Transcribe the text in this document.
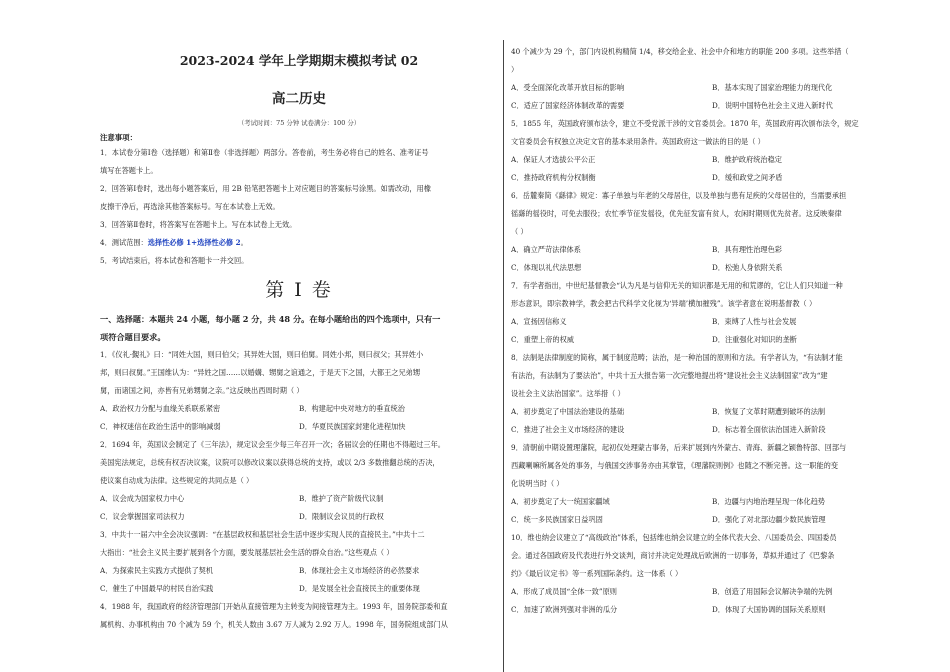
2023-2024 学年上学期期末模拟考试 02
高二历史
（考试时间：75 分钟 试卷满分：100 分）
注意事项：
1．本试卷分第Ⅰ卷（选择题）和第Ⅱ卷（非选择题）两部分。答卷前，考生务必将自己的姓名、准考证号
填写在答题卡上。
2．回答第Ⅰ卷时，选出每小题答案后，用 2B 铅笔把答题卡上对应题目的答案标号涂黑。如需改动，用橡
皮擦干净后，再选涂其他答案标号。写在本试卷上无效。
3．回答第Ⅱ卷时，将答案写在答题卡上。写在本试卷上无效。
4．测试范围：选择性必修 1+选择性必修 2。
5．考试结束后，将本试卷和答题卡一并交回。
第 I 卷
一、选择题：本题共 24 小题，每小题 2 分，共 48 分。在每小题给出的四个选项中，只有一
项符合题目要求。
1．《仪礼·覲礼》曰：“同姓大国，则曰伯父；其异姓大国，则曰伯舅。同姓小邦，则曰叔父；其异姓小
邦，则曰叔舅。”王国维认为：“异姓之国……以婚媾、甥舅之谊通之，于是天下之国，大都王之兄弟甥
舅，而诸国之间，亦皆有兄弟甥舅之亲。”这反映出西周时期（ ）
A．政治权力分配与血缘关系联系紧密	B．构建起中央对地方的垂直统治
C．神权迷信在政治生活中的影响减弱	D．华夏民族国家封建化进程加快
2．1694 年，英国议会制定了《三年法》，规定议会至少每三年召开一次；各届议会的任期也不得超过三年。
美国宪法规定，总统有权否决议案，议院可以修改议案以获得总统的支持，或以 2/3 多数推翻总统的否决，
使议案自动成为法律。这些规定的共同点是（ ）
A．议会成为国家权力中心	B．维护了资产阶级代议制
C．议会掌握国家司法权力	D．限制议会议员的行政权
3．中共十一届六中全会决议强调：“在基层政权和基层社会生活中逐步实现人民的直接民主。”中共十二
大指出：“社会主义民主要扩展到各个方面，要发展基层社会生活的群众自治。”这些观点（ ）
A．为探索民主实践方式提供了契机	B．体现社会主义市场经济的必然要求
C．催生了中国最早的村民自治实践	D．是发展全社会直接民主的重要体现
4．1988 年，我国政府的经济管理部门开始从直接管理为主转变为间接管理为主。1993 年，国务院部委和直
属机构、办事机构由 70 个减为 59 个，机关人数由 3.67 万人减为 2.92 万人。1998 年，国务院组成部门从
40 个减少为 29 个，部门内设机构精简 1/4，移交给企业、社会中介和地方的职能 200 多项。这些举措（
）
A．受全面深化改革开放目标的影响	B．基本实现了国家治理能力的现代化
C．适应了国家经济体制改革的需要	D．说明中国特色社会主义进入新时代
5．1855 年，英国政府颁布法令，建立不受党派干涉的文官委员会。1870 年，英国政府再次颁布法令，规定
文官委员会有权独立决定文官的基本录用条件。英国政府这一做法的目的是（ ）
A．保证人才选拔公平公正	B．维护政府统治稳定
C．推持政府机构分权制衡	D．缓和政党之间矛盾
6．岳麓秦简《繇律》规定：寡子单独与年老的父母居住，以及单独与患有足疾的父母居住的，当需要承担
徭繇的徭役时，可免去服役；农忙季节征发徭役，优先征发富有贫人，农闲时期则优先贫者。这反映秦律
（ ）
A．确立严苛法律体系	B．具有理性治理色彩
C．体现以礼代法思想	D．松弛人身依附关系
7．有学者指出，中世纪基督教会“认为凡是与信仰无关的知识都是无用的和荒谬的，它让人们只知道一种
形态意识，即宗教神学，教会把古代科学文化视为‘异端’横加摧残”。该学者意在说明基督教（ ）
A．宣扬因信称义	B．束缚了人性与社会发展
C．重塑上帝的权威	D．注重强化对知识的垄断
8．法制是法律制度的简称，属于制度范畴；法治，是一种治国的原则和方法。有学者认为，“有法制才能
有法治，有法制为了要法治”，中共十五大报告第一次完整地提出将“建设社会主义法制国家”改为“建
设社会主义法治国家”。这举措（ ）
A．初步奠定了中国法治建设的基础	B．恢复了文革时期遭到破坏的法制
C．推进了社会主义市场经济的建设	D．标志着全面依法治国进入新阶段
9．清朝前中期设置理藩院，起初仅处理蒙古事务，后来扩展到内外蒙古、青海、新疆之颖鲁特部、回部与
西藏喇嘛所属各处的事务，与俄国交涉事务亦由其掌管，《理藩院则例》也随之不断完善。这一职能的变
化说明当时（ ）
A．初步奠定了大一统国家疆域	B．边疆与内地治理呈现一体化趋势
C．统一多民族国家日益巩固	D．强化了对北部边疆少数民族管理
10．维也纳会议建立了“高级政治”体系，包括维也纳会议建立的全体代表大会、八国委员会、四国委员
会。通过各国政府及代表进行外交谈判，商讨并决定处理战后欧洲的一切事务，草拟并通过了《巴黎条
约》《最后议定书》等一系列国际条约。这一体系（ ）
A．形成了成员国“全体一致”原则	B．创造了用国际会议解决争端的先例
C．加速了欧洲列强对非洲的瓜分	D．体现了大国协调的国际关系原则
